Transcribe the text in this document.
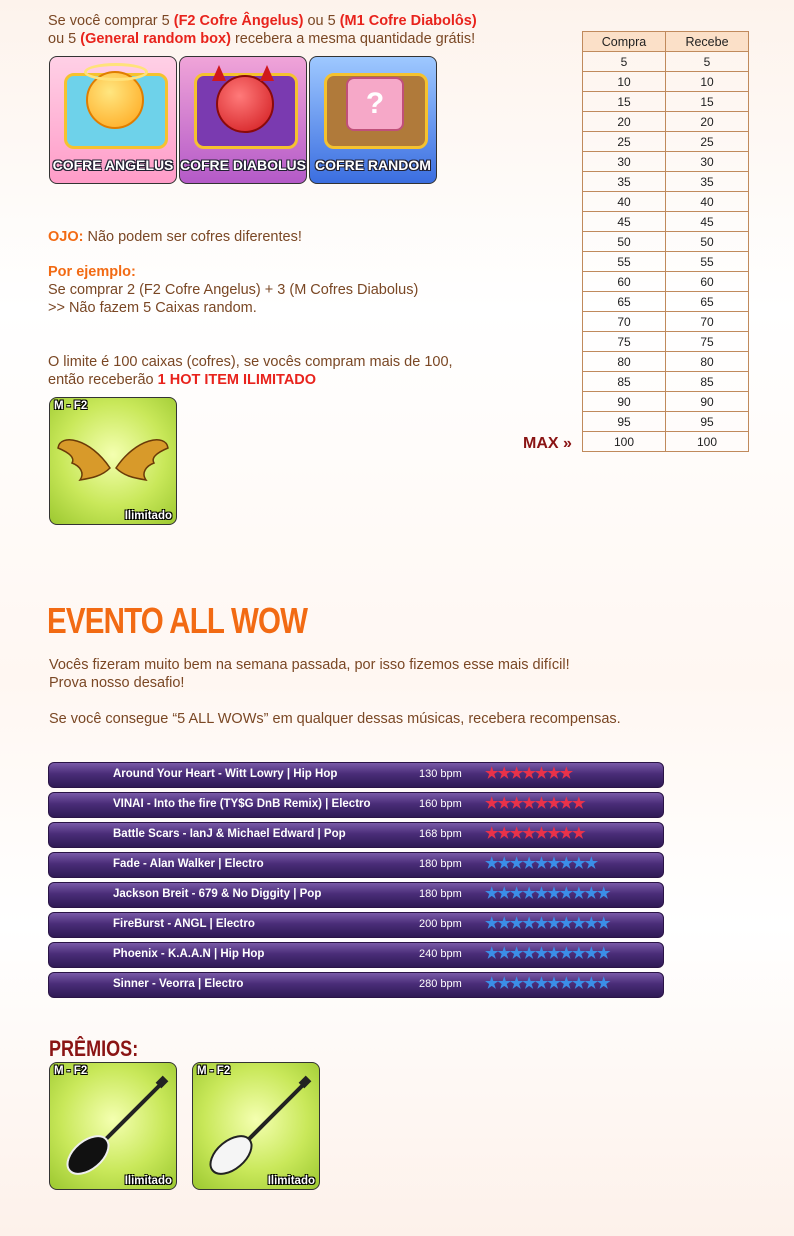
Se você comprar 5 (F2 Cofre Ângelus) ou 5 (M1 Cofre Diabolôs)
ou 5 (General random box) recebera a mesma quantidade grátis!
COFRE ANGELUS COFRE DIABOLUS
?
COFRE RANDOM
OJO: Não podem ser cofres diferentes!
Por ejemplo:
Se comprar 2 (F2 Cofre Angelus) + 3 (M Cofres Diabolus)
>> Não fazem 5 Caixas random.
O limite é 100 caixas (cofres), se vocês compram mais de 100,
então receberão 1 HOT ITEM ILIMITADO
M - F2
Ilimitado
Compra	Recebe
5	5
10	10
15	15
20	20
25	25
30	30
35	35
40	40
45	45
50	50
55	55
60	60
65	65
70	70
75	75
80	80
85	85
90	90
95	95
100	100
MAX »
EVENTO ALL WOW
Vocês fizeram muito bem na semana passada, por isso fizemos esse mais difícil!
Prova nosso desafio!
Se você consegue “5 ALL WOWs” em qualquer dessas músicas, recebera recompensas.
Around Your Heart - Witt Lowry | Hip Hop	130 bpm ★★★★★★★
VINAI - Into the fire (TY$G DnB Remix) | Electro	160 bpm ★★★★★★★★
Battle Scars - IanJ & Michael Edward | Pop	168 bpm ★★★★★★★★
Fade - Alan Walker | Electro	180 bpm ★★★★★★★★★
Jackson Breit - 679 & No Diggity | Pop	180 bpm ★★★★★★★★★★
FireBurst - ANGL | Electro	200 bpm ★★★★★★★★★★
Phoenix - K.A.A.N | Hip Hop	240 bpm ★★★★★★★★★★
Sinner - Veorra | Electro	280 bpm ★★★★★★★★★★
PRÊMIOS:
M - F2
Ilimitado
M - F2
Ilimitado
